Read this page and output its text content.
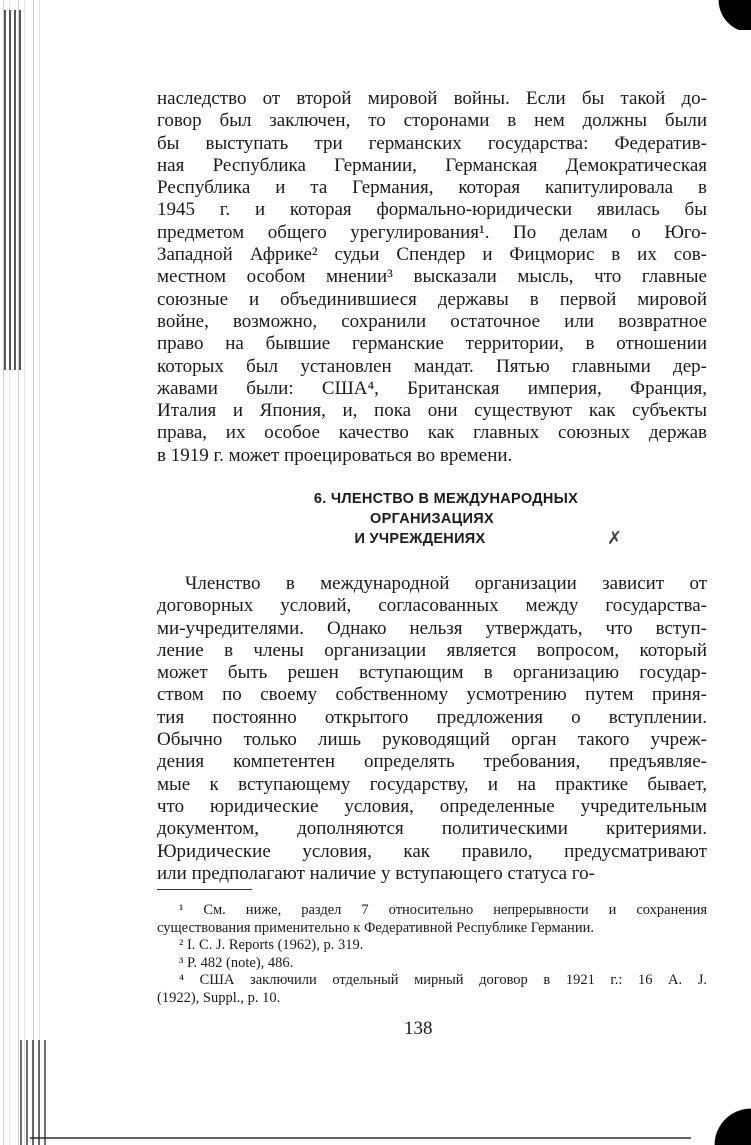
наследство от второй мировой войны. Если бы такой до-
говор был заключен, то сторонами в нем должны были
бы выступать три германских государства: Федератив-
ная Республика Германии, Германская Демократическая
Республика и та Германия, которая капитулировала в
1945 г. и которая формально-юридически явилась бы
предметом общего урегулирования¹. По делам о Юго-
Западной Африке² судьи Спендер и Фицморис в их сов-
местном особом мнении³ высказали мысль, что главные
союзные и объединившиеся державы в первой мировой
войне, возможно, сохранили остаточное или возвратное
право на бывшие германские территории, в отношении
которых был установлен мандат. Пятью главными дер-
жавами были: США⁴, Британская империя, Франция,
Италия и Япония, и, пока они существуют как субъекты
права, их особое качество как главных союзных держав
в 1919 г. может проецироваться во времени.

6. ЧЛЕНСТВО В МЕЖДУНАРОДНЫХ
ОРГАНИЗАЦИЯХ
И УЧРЕЖДЕНИЯХ	✗

Членство в международной организации зависит от
договорных условий, согласованных между государства-
ми-учредителями. Однако нельзя утверждать, что вступ-
ление в члены организации является вопросом, который
может быть решен вступающим в организацию государ-
ством по своему собственному усмотрению путем приня-
тия постоянно открытого предложения о вступлении.
Обычно только лишь руководящий орган такого учреж-
дения компетентен определять требования, предъявляе-
мые к вступающему государству, и на практике бывает,
что юридические условия, определенные учредительным
документом, дополняются политическими критериями.
Юридические условия, как правило, предусматривают
или предполагают наличие у вступающего статуса го-

¹ См. ниже, раздел 7 относительно непрерывности и сохранения
существования применительно к Федеративной Республике Германии.
² I. C. J. Reports (1962), p. 319.
³ P. 482 (note), 486.
⁴ США заключили отдельный мирный договор в 1921 г.: 16 A. J.
(1922), Suppl., p. 10.
138
